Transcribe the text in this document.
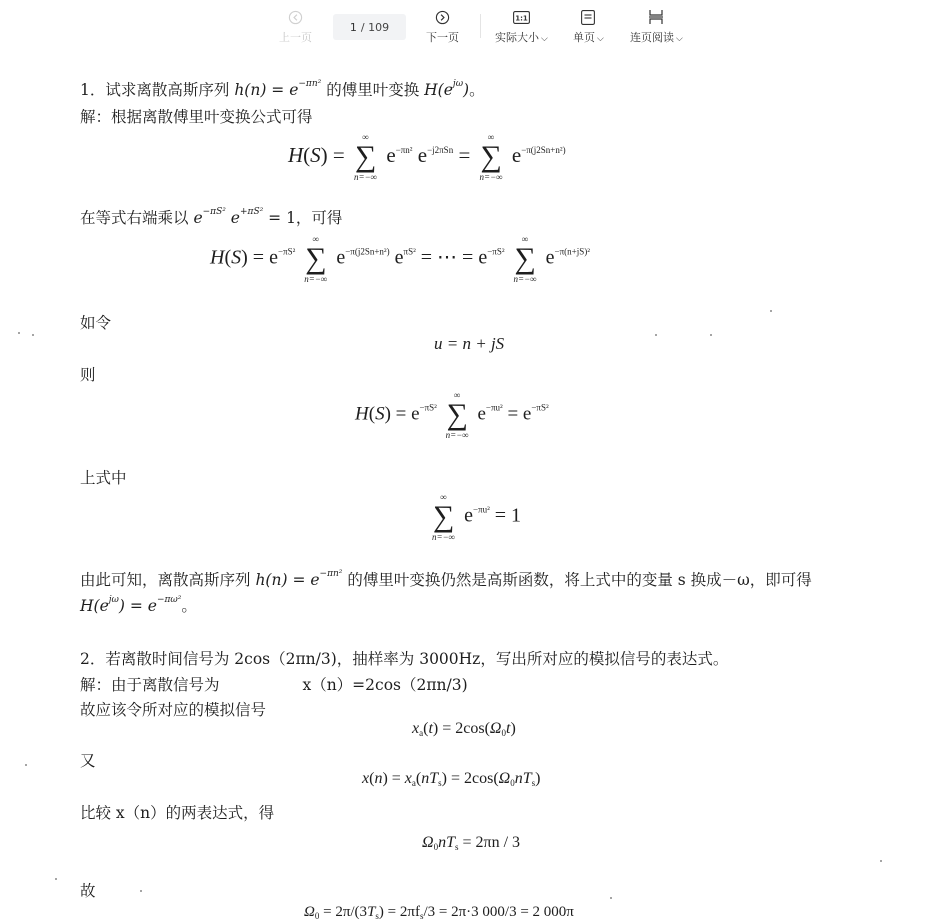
上一页
1 / 109
下一页
1:1
实际大小 ⌵ 单页 ⌵ 连页阅读 ⌵
1．试求离散高斯序列 $h(n) = e^{-\pi n^2}$ 的傅里叶变换 $H(e^{j\omega})$。
解：根据离散傅里叶变换公式可得
H(S) =
∞
∑
n=−∞
$e^{-\pi n^2}$ $e^{-j2\pi Sn}$ =
∞
∑
n=−∞
$e^{-\pi(j2Sn+n^2)}$
在等式右端乘以 $e^{-\pi S^2}$ $e^{+\pi S^2} = 1$，可得
$H(S) = e^{-\pi S^2}$
∞
∑
n=−∞
$e^{-\pi(j2Sn+n^2)}$ $e^{\pi S^2}$ = ⋯ = $e^{-\pi S^2}$
∞
∑
n=−∞
$e^{-\pi(n+jS)^2}$
如令
u = n + jS
则
$H(S) = e^{-\pi S^2}$
∞
∑
n=−∞
$e^{-\pi u^2} = e^{-\pi S^2}$
上式中
∞
∑
n=−∞
$e^{-\pi u^2} = 1$
由此可知，离散高斯序列 $h(n) = e^{-\pi n^2}$ 的傅里叶变换仍然是高斯函数，将上式中的变量 s 换成－ω，即可得
$H(e^{j\omega}) = e^{-\pi\omega^2}$。
2．若离散时间信号为 2cos（2πn/3)，抽样率为 3000Hz，写出所对应的模拟信号的表达式。
解：由于离散信号为	x（n）=2cos（2πn/3)
故应该令所对应的模拟信号
$x_a(t) = 2\cos(\Omega_0t)$
又
$x(n) = x_a(nT_s) = 2\cos(\Omega_0nT_s)$
比较 x（n）的两表达式，得
$\Omega_0nT_s = 2\pi n / 3$
故
$\Omega_0 = 2\pi/(3T_s) = 2\pi f_s/3 = 2\pi\cdot 3$ 000/3 = 2 000π
